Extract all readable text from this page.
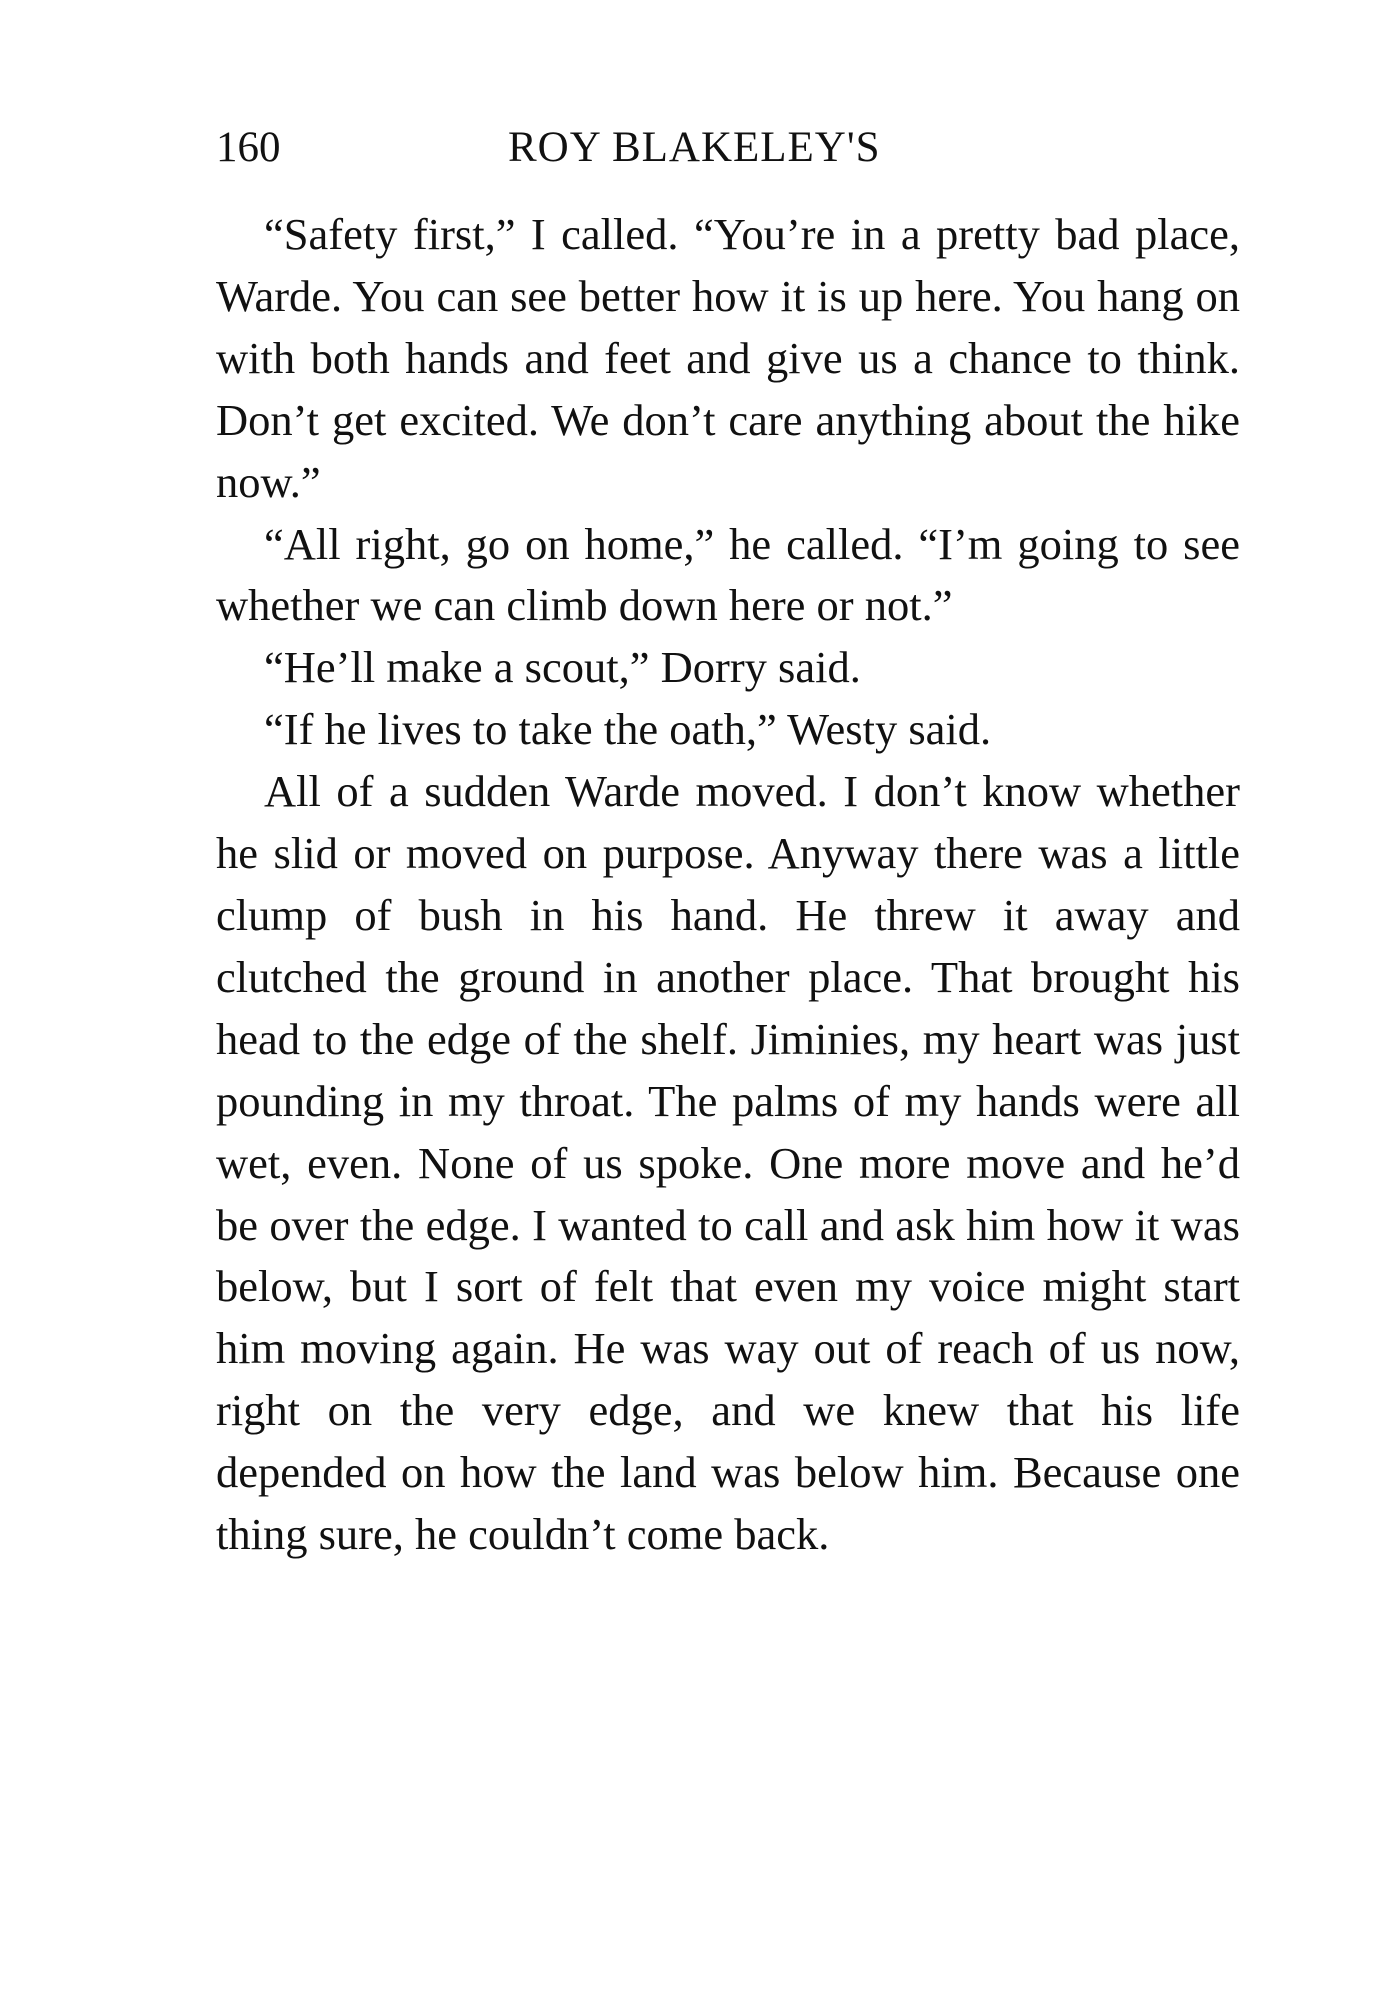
160	ROY BLAKELEY'S

“Safety first,” I called. “You’re in a pretty bad place, Warde. You can see better how it is up here. You hang on with both hands and feet and give us a chance to think. Don’t get excited. We don’t care anything about the hike now.”

“All right, go on home,” he called. “I’m going to see whether we can climb down here or not.”

“He’ll make a scout,” Dorry said.

“If he lives to take the oath,” Westy said.

All of a sudden Warde moved. I don’t know whether he slid or moved on purpose. Anyway there was a little clump of bush in his hand. He threw it away and clutched the ground in another place. That brought his head to the edge of the shelf. Jiminies, my heart was just pounding in my throat. The palms of my hands were all wet, even. None of us spoke. One more move and he’d be over the edge. I wanted to call and ask him how it was below, but I sort of felt that even my voice might start him moving again. He was way out of reach of us now, right on the very edge, and we knew that his life depended on how the land was below him. Because one thing sure, he couldn’t come back.
